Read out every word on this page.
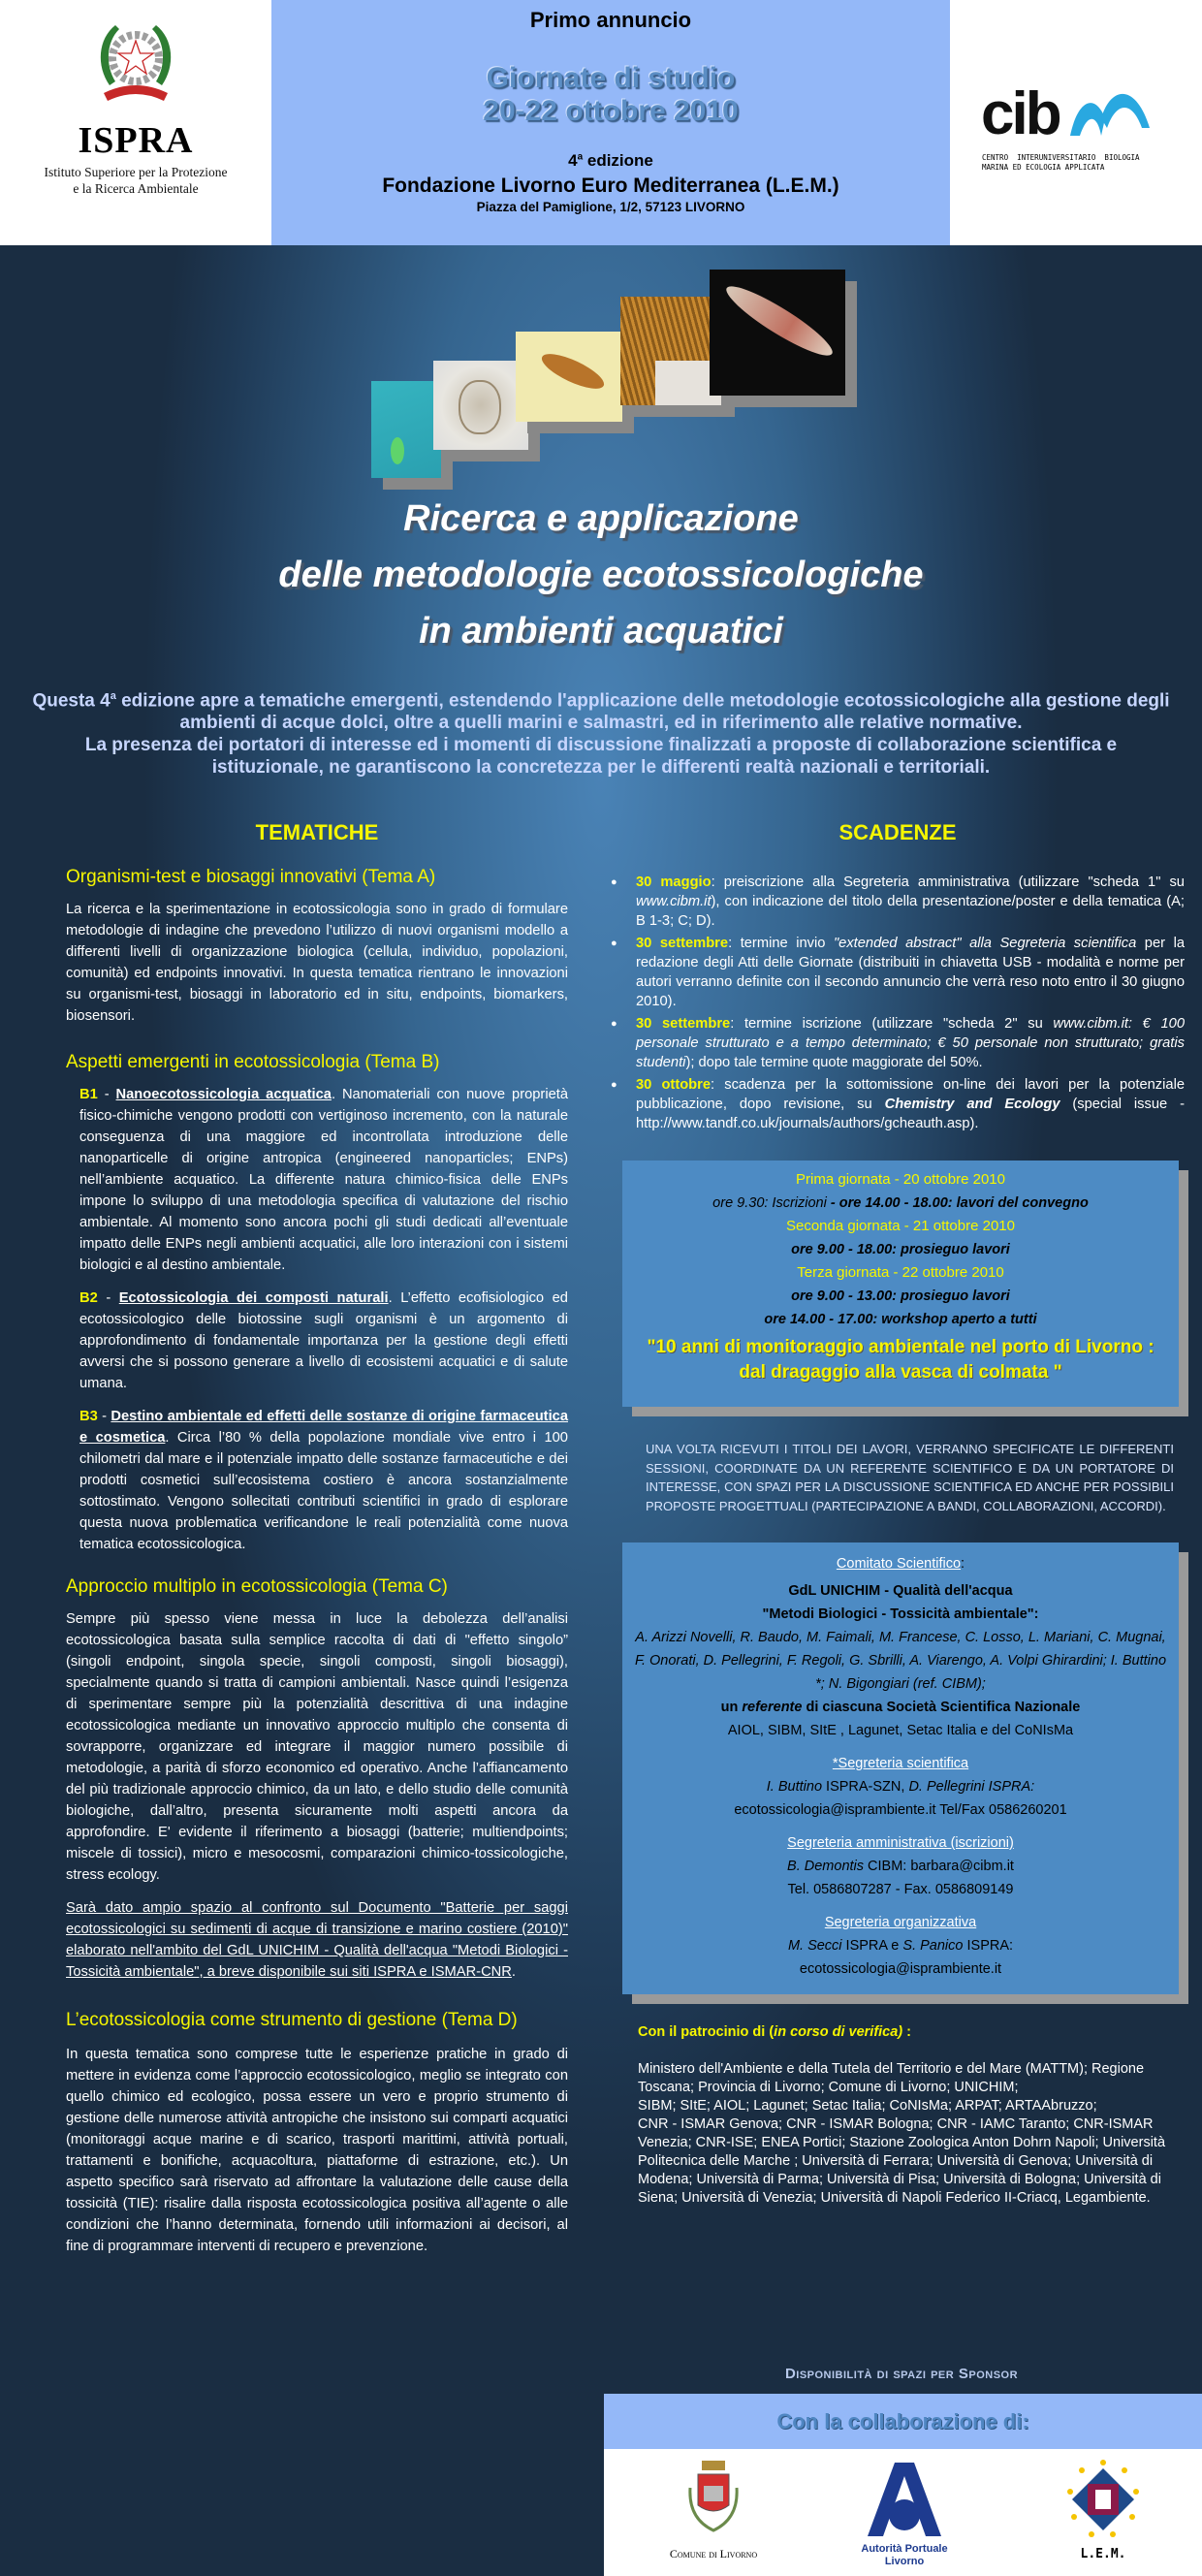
ISPRA
Istituto Superiore per la Protezione
e la Ricerca Ambientale
Primo annuncio
Giornate di studio
20-22 ottobre 2010
4$^a$ edizione
Fondazione Livorno Euro Mediterranea (L.E.M.)
Piazza del Pamiglione, 1/2, 57123 LIVORNO
cib
CENTRO  INTERUNIVERSITARIO  BIOLOGIA
MARINA ED ECOLOGIA APPLICATA
Ricerca e applicazione
delle metodologie ecotossicologiche
in ambienti acquatici
Questa 4$^a$ edizione apre a tematiche emergenti, estendendo l'applicazione delle metodologie ecotossicologiche alla gestione degli ambienti di acque dolci, oltre a quelli marini e salmastri, ed in riferimento alle relative normative.
La presenza dei portatori di interesse ed i momenti di discussione finalizzati a proposte di collaborazione scientifica e istituzionale, ne garantiscono la concretezza per le differenti realtà nazionali e territoriali.
TEMATICHE
Organismi-test e biosaggi innovativi (Tema A)
La ricerca e la sperimentazione in ecotossicologia sono in grado di formulare metodologie di indagine che prevedono l’utilizzo di nuovi organismi modello a differenti livelli di organizzazione biologica (cellula, individuo, popolazioni, comunità) ed endpoints innovativi. In questa tematica rientrano le innovazioni su organismi-test, biosaggi in laboratorio ed in situ, endpoints, biomarkers, biosensori.
Aspetti emergenti in ecotossicologia (Tema B)
B1 - Nanoecotossicologia acquatica. Nanomateriali con nuove proprietà fisico-chimiche vengono prodotti con vertiginoso incremento, con la naturale conseguenza di una maggiore ed incontrollata introduzione delle nanoparticelle di origine antropica (engineered nanoparticles; ENPs) nell’ambiente acquatico. La differente natura chimico-fisica delle ENPs impone lo sviluppo di una metodologia specifica di valutazione del rischio ambientale. Al momento sono ancora pochi gli studi dedicati all’eventuale impatto delle ENPs negli ambienti acquatici, alle loro interazioni con i sistemi biologici e al destino ambientale.
B2 - Ecotossicologia dei composti naturali. L’effetto ecofisiologico ed ecotossicologico delle biotossine sugli organismi è un argomento di approfondimento di fondamentale importanza per la gestione degli effetti avversi che si possono generare a livello di ecosistemi acquatici e di salute umana.
B3 - Destino ambientale ed effetti delle sostanze di origine farmaceutica e cosmetica. Circa l’80 % della popolazione mondiale vive entro i 100 chilometri dal mare e il potenziale impatto delle sostanze farmaceutiche e dei prodotti cosmetici sull’ecosistema costiero è ancora sostanzialmente sottostimato. Vengono sollecitati contributi scientifici in grado di esplorare questa nuova problematica verificandone le reali potenzialità come nuova tematica ecotossicologica.
Approccio multiplo in ecotossicologia (Tema C)
Sempre più spesso viene messa in luce la debolezza dell’analisi ecotossicologica basata sulla semplice raccolta di dati di "effetto singolo” (singoli endpoint, singola specie, singoli composti, singoli biosaggi), specialmente quando si tratta di campioni ambientali. Nasce quindi l’esigenza di sperimentare sempre più la potenzialità descrittiva di una indagine ecotossicologica mediante un innovativo approccio multiplo che consenta di sovrapporre, organizzare ed integrare il maggior numero possibile di metodologie, a parità di sforzo economico ed operativo. Anche l’affiancamento del più tradizionale approccio chimico, da un lato, e dello studio delle comunità biologiche, dall’altro, presenta sicuramente molti aspetti ancora da approfondire. E' evidente il riferimento a biosaggi (batterie; multiendpoints; miscele di tossici), micro e mesocosmi, comparazioni chimico-tossicologiche, stress ecology.
Sarà dato ampio spazio al confronto sul Documento "Batterie per saggi ecotossicologici su sedimenti di acque di transizione e marino costiere (2010)" elaborato nell'ambito del GdL UNICHIM - Qualità dell'acqua "Metodi Biologici - Tossicità ambientale", a breve disponibile sui siti ISPRA e ISMAR-CNR.
L’ecotossicologia come strumento di gestione (Tema D)
In questa tematica sono comprese tutte le esperienze pratiche in grado di mettere in evidenza come l’approccio ecotossicologico, meglio se integrato con quello chimico ed ecologico, possa essere un vero e proprio strumento di gestione delle numerose attività antropiche che insistono sui comparti acquatici (monitoraggi acque marine e di scarico, trasporti marittimi, attività portuali, trattamenti e bonifiche, acquacoltura, piattaforme di estrazione, etc.). Un aspetto specifico sarà riservato ad affrontare la valutazione delle cause della tossicità (TIE): risalire dalla risposta ecotossicologica positiva all’agente o alle condizioni che l’hanno determinata, fornendo utili informazioni ai decisori, al fine di programmare interventi di recupero e prevenzione.
SCADENZE
● 30 maggio: preiscrizione alla Segreteria amministrativa (utilizzare "scheda 1" su www.cibm.it), con indicazione del titolo della presentazione/poster e della tematica (A; B 1-3; C; D).
● 30 settembre: termine invio "extended abstract" alla Segreteria scientifica per la redazione degli Atti delle Giornate (distribuiti in chiavetta USB - modalità e norme per autori verranno definite con il secondo annuncio che verrà reso noto entro il 30 giugno 2010).
● 30 settembre: termine iscrizione (utilizzare "scheda 2" su www.cibm.it: € 100 personale strutturato e a tempo determinato; € 50 personale non strutturato; gratis studenti); dopo tale termine quote maggiorate del 50%.
● 30 ottobre: scadenza per la sottomissione on-line dei lavori per la potenziale pubblicazione, dopo revisione, su Chemistry and Ecology (special issue - http://www.tandf.co.uk/journals/authors/gcheauth.asp).
Prima giornata - 20 ottobre 2010
ore 9.30: Iscrizioni - ore 14.00 - 18.00: lavori del convegno
Seconda giornata - 21 ottobre 2010
ore 9.00 - 18.00: prosieguo lavori
Terza giornata - 22 ottobre 2010
ore 9.00 - 13.00: prosieguo lavori
ore 14.00 - 17.00: workshop aperto a tutti
"10 anni di monitoraggio ambientale nel porto di Livorno : dal dragaggio alla vasca di colmata "
UNA VOLTA RICEVUTI I TITOLI DEI LAVORI, VERRANNO SPECIFICATE LE DIFFERENTI SESSIONI, COORDINATE DA UN REFERENTE SCIENTIFICO E DA UN PORTATORE DI INTERESSE, CON SPAZI PER LA DISCUSSIONE SCIENTIFICA ED ANCHE PER POSSIBILI PROPOSTE PROGETTUALI (PARTECIPAZIONE A BANDI, COLLABORAZIONI, ACCORDI).
Comitato Scientifico:
GdL UNICHIM - Qualità dell'acqua
"Metodi Biologici - Tossicità ambientale":
A. Arizzi Novelli, R. Baudo, M. Faimali, M. Francese, C. Losso, L. Mariani, C. Mugnai, F. Onorati, D. Pellegrini, F. Regoli, G. Sbrilli, A. Viarengo, A. Volpi Ghirardini; I. Buttino *; N. Bigongiari (ref. CIBM);
un referente di ciascuna Società Scientifica Nazionale
AIOL, SIBM, SItE , Lagunet, Setac Italia e del CoNIsMa
*Segreteria scientifica
I. Buttino ISPRA-SZN, D. Pellegrini ISPRA:
ecotossicologia@isprambiente.it Tel/Fax 0586260201
Segreteria amministrativa (iscrizioni)
B. Demontis CIBM: barbara@cibm.it
Tel. 0586807287 - Fax. 0586809149
Segreteria organizzativa
M. Secci ISPRA e S. Panico ISPRA:
ecotossicologia@isprambiente.it
Con il patrocinio di (in corso di verifica) :
Ministero dell'Ambiente e della Tutela del Territorio e del Mare (MATTM); Regione Toscana; Provincia di Livorno; Comune di Livorno; UNICHIM;
SIBM; SItE; AIOL; Lagunet; Setac Italia; CoNIsMa; ARPAT; ARTAAbruzzo;
CNR - ISMAR Genova; CNR - ISMAR Bologna; CNR - IAMC Taranto; CNR-ISMAR Venezia; CNR-ISE; ENEA Portici; Stazione Zoologica Anton Dohrn Napoli; Università Politecnica delle Marche ; Università di Ferrara; Università di Genova; Università di Modena; Università di Parma; Università di Pisa; Università di Bologna; Università di Siena; Università di Venezia; Università di Napoli Federico II-Criacq, Legambiente.
Disponibilità di spazi per Sponsor
Con la collaborazione di:
Comune di Livorno	Autorità Portuale
Livorno	L.E.M.
